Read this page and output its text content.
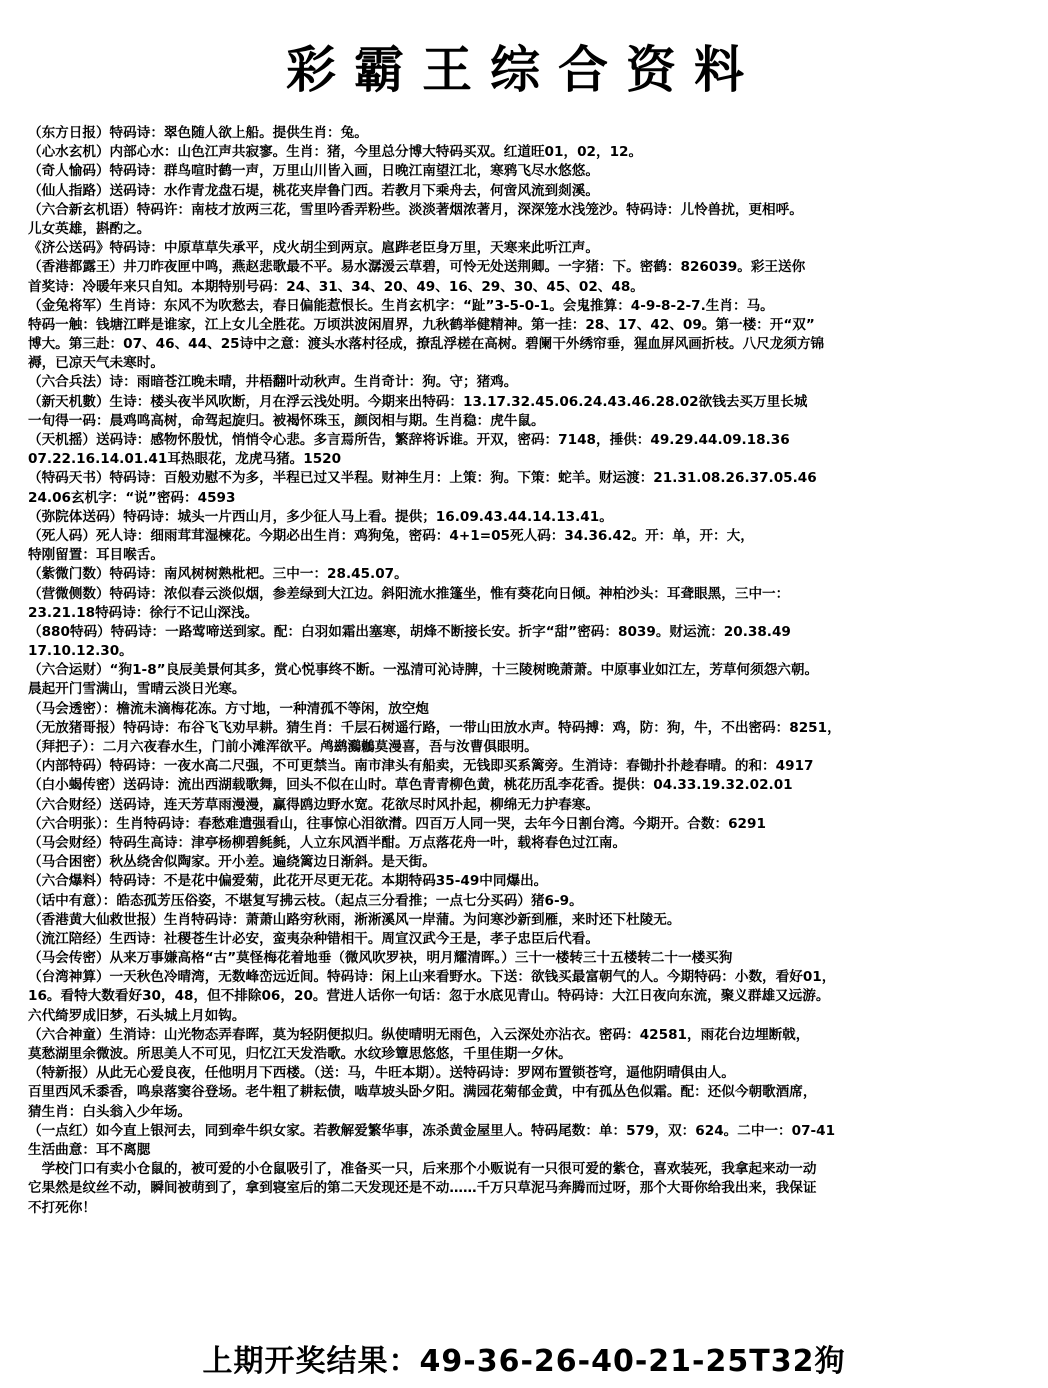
彩霸王综合资料
（东方日报）特码诗：翠色随人欲上船。提供生肖：兔。
（心水玄机）内部心水：山色江声共寂寥。生肖：猪，今里总分博大特码买双。红道旺01，02，12。
（奇人愉码）特码诗：群鸟喧时鹤一声，万里山川皆入画，日晚江南望江北，寒鸦飞尽水悠悠。
（仙人指路）送码诗：水作青龙盘石堤，桃花夹岸鲁门西。若教月下乘舟去，何啻风流到剡溪。
（六合新玄机语）特码许：南枝才放两三花，雪里吟香弄粉些。淡淡著烟浓著月，深深笼水浅笼沙。特码诗：儿怜兽扰，更相呼。
儿女英雄，斟酌之。
《济公送码》特码诗：中原草草失承平，戍火胡尘到两京。扈跸老臣身万里，天寒来此听江声。
（香港都露王）井刀昨夜匣中鸣，燕赵悲歌最不平。易水潺湲云草碧，可怜无处送荆卿。一字猪：下。密鹤：826039。彩王送你
首奖诗：冷暖年来只自知。本期特别号码：24、31、34、20、49、16、29、30、45、02、48。
（金兔将军）生肖诗：东风不为吹愁去，春日偏能惹恨长。生肖玄机字：“趾”3-5-0-1。会鬼推算：4-9-8-2-7.生肖：马。
特码一触：钱塘江畔是谁家，江上女儿全胜花。万顷洪波闲眉界，九秋鹤举健精神。第一挂：28、17、42、09。第一楼：开“双”
博大。第三赴：07、46、44、25诗中之意：渡头水落村径成，撩乱浮槎在高树。碧阑干外绣帘垂，猩血屏风画折枝。八尺龙须方锦
褥，已凉天气未寒时。
（六合兵法）诗：雨暗苍江晚未晴，井梧翻叶动秋声。生肖奇计：狗。守；猪鸡。
（新天机數）生诗：楼头夜半风吹断，月在浮云浅处明。今期来出特码：13.17.32.45.06.24.43.46.28.02欲钱去买万里长城
一旬得一码：晨鸡鸣高树，命驾起旋归。被褐怀珠玉，颜闵相与期。生肖稳：虎牛鼠。
（天机摇）送码诗：感物怀殷忧，悄悄令心悲。多言焉所告，繁辞将诉谁。开双，密码：7148，捶供：49.29.44.09.18.36
07.22.16.14.01.41耳热眼花，龙虎马猪。1520
（特码天书）特码诗：百般劝慰不为多，半程已过又半程。财神生月：上策：狗。下策：蛇羊。财运渡：21.31.08.26.37.05.46
24.06玄机字：“说”密码：4593
（弥院体送码）特码诗：城头一片西山月，多少征人马上看。提供；16.09.43.44.14.13.41。
（死人码）死人诗：细雨茸茸湿楝花。今期必出生肖：鸡狗兔，密码：4+1=05死人码：34.36.42。开：单，开：大，
特刚留置：耳目喉舌。
（紫微门数）特码诗：南风树树熟枇杷。三中一：28.45.07。
（营微侧数）特码诗：浓似春云淡似烟，参差绿到大江边。斜阳流水推篷坐，惟有葵花向日倾。神柏沙头：耳聋眼黑，三中一：
23.21.18特码诗：徐行不记山深浅。
（880特码）特码诗：一路莺啼送到家。配：白羽如霜出塞寒，胡烽不断接长安。折字“甜”密码：8039。财运流：20.38.49
17.10.12.30。
（六合运财）“狗1-8”良辰美景何其多，赏心悦事终不断。一泓清可沁诗脾，十三陵树晚萧萧。中原事业如江左，芳草何须怨六朝。
晨起开门雪满山，雪晴云淡日光寒。
（马会透密）：檐流未滴梅花冻。方寸地，一种清孤不等闲，放空炮
（无放猪哥报）特码诗：布谷飞飞劝早耕。猜生肖：千层石树遥行路，一带山田放水声。特码搏：鸡，防：狗，牛，不出密码：8251，
（拜把子）：二月六夜春水生，门前小滩浑欲平。鸬鹚鸂鶒莫漫喜，吾与汝曹俱眼明。
（内部特码）特码诗：一夜水高二尺强，不可更禁当。南市津头有船卖，无钱即买系篱旁。生消诗：春锄扑扑趁春晴。的和：4917
（白小蝎传密）送码诗：流出西湖载歌舞，回头不似在山时。草色青青柳色黄，桃花历乱李花香。提供：04.33.19.32.02.01
（六合财经）送码诗，连天芳草雨漫漫，赢得鸥边野水宽。花欲尽时风扑起，柳绵无力护春寒。
（六合明张）：生肖特码诗：春愁难遣强看山，往事惊心泪欲潸。四百万人同一哭，去年今日割台湾。今期开。合数：6291
（马会财经）特码生高诗：津亭杨柳碧毵毵，人立东风酒半酣。万点落花舟一叶，载将春色过江南。
（马合困密）秋丛绕舍似陶家。开小差。遍绕篱边日渐斜。是天街。
（六合爆料）特码诗：不是花中偏爱菊，此花开尽更无花。本期特码35-49中同爆出。
（话中有意）：皓态孤芳压俗姿，不堪复写拂云枝。（起点三分看推；一点七分买码）猪6-9。
（香港黄大仙救世报）生肖特码诗：萧萧山路穷秋雨，淅淅溪风一岸蒲。为问寒沙新到雁，来时还下杜陵无。
（流江陪经）生西诗：社稷苍生计必安，蛮夷杂种错相干。周宣汉武今王是，孝子忠臣后代看。
（马会传密）从来万事嫌高格“古”莫怪梅花着地垂（微风吹罗袂，明月耀清晖。）三十一楼转三十五楼转二十一楼买狗
（台湾神算）一天秋色冷晴湾，无数峰峦远近间。特码诗：闲上山来看野水。下送：欲钱买最富朝气的人。今期特码：小数，看好01，
16。看特大数看好30，48，但不排除06，20。营进人话你一句话：忽于水底见青山。特码诗：大江日夜向东流，聚义群雄又远游。
六代绮罗成旧梦，石头城上月如钩。
（六合神童）生消诗：山光物态弄春晖，莫为轻阴便拟归。纵使晴明无雨色，入云深处亦沾衣。密码：42581，雨花台边埋断戟，
莫愁湖里余微波。所思美人不可见，归忆江天发浩歌。水纹珍簟思悠悠，千里佳期一夕休。
（特新报）从此无心爱良夜，任他明月下西楼。（送：马，牛旺本期）。送特码诗：罗网布置锁苍穹，逼他阴晴俱由人。
百里西风禾黍香，鸣泉落窦谷登场。老牛粗了耕耘债，啮草坡头卧夕阳。满园花菊郁金黄，中有孤丛色似霜。配：还似今朝歌酒席，
猜生肖：白头翁入少年场。
（一点红）如今直上银河去，同到牵牛织女家。若教解爱繁华事，冻杀黄金屋里人。特码尾数：单：579，双：624。二中一：07-41
生活曲意：耳不离腮
　学校门口有卖小仓鼠的，被可爱的小仓鼠吸引了，准备买一只，后来那个小贩说有一只很可爱的紫仓，喜欢装死，我拿起来动一动
它果然是纹丝不动，瞬间被萌到了，拿到寝室后的第二天发现还是不动……千万只草泥马奔腾而过呀，那个大哥你给我出来，我保证
不打死你！
上期开奖结果：49-36-26-40-21-25T32狗
